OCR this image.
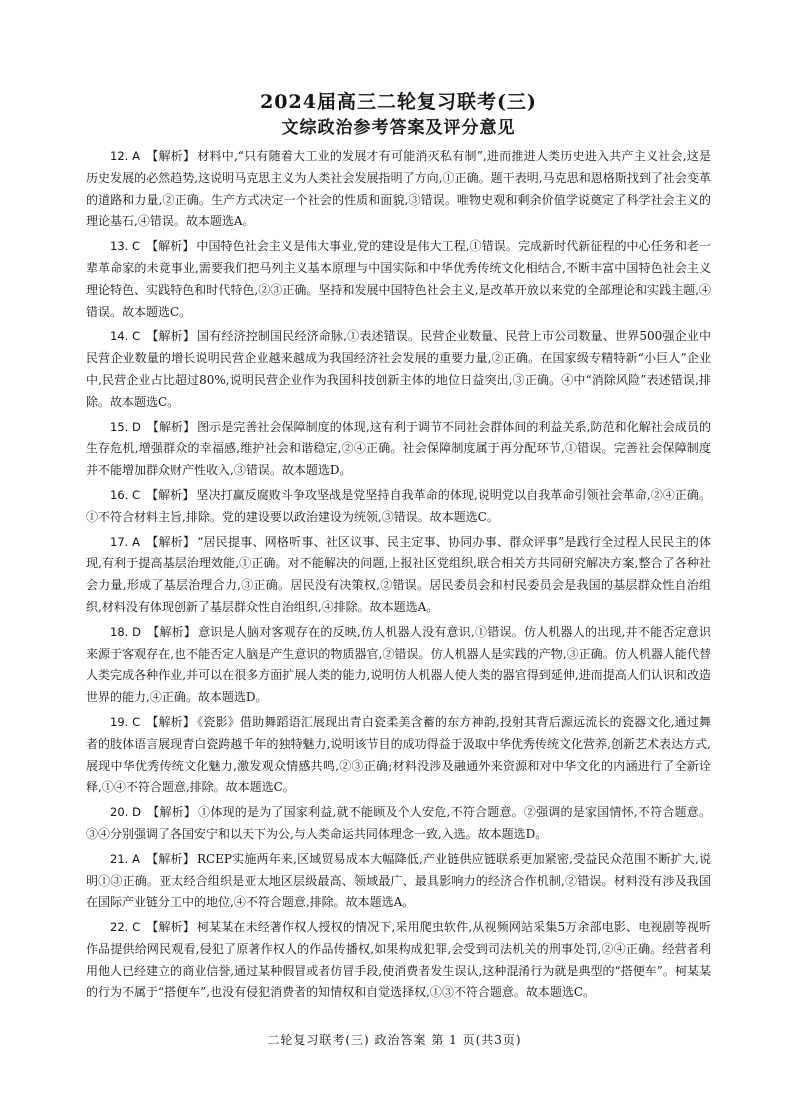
2024届高三二轮复习联考(三)
文综政治参考答案及评分意见

12. A 【解析】 材料中,“只有随着大工业的发展才有可能消灭私有制”,进而推进人类历史进入共产主义社会,这是历史发展的必然趋势,这说明马克思主义为人类社会发展指明了方向,①正确。题干表明,马克思和恩格斯找到了社会变革的道路和力量,②正确。生产方式决定一个社会的性质和面貌,③错误。唯物史观和剩余价值学说奠定了科学社会主义的理论基石,④错误。故本题选A。

13. C 【解析】 中国特色社会主义是伟大事业,党的建设是伟大工程,①错误。完成新时代新征程的中心任务和老一辈革命家的未竟事业,需要我们把马列主义基本原理与中国实际和中华优秀传统文化相结合,不断丰富中国特色社会主义理论特色、实践特色和时代特色,②③正确。坚持和发展中国特色社会主义,是改革开放以来党的全部理论和实践主题,④错误。故本题选C。

14. C 【解析】 国有经济控制国民经济命脉,①表述错误。民营企业数量、民营上市公司数量、世界500强企业中民营企业数量的增长说明民营企业越来越成为我国经济社会发展的重要力量,②正确。在国家级专精特新“小巨人”企业中,民营企业占比超过80%,说明民营企业作为我国科技创新主体的地位日益突出,③正确。④中“消除风险”表述错误,排除。故本题选C。

15. D 【解析】 图示是完善社会保障制度的体现,这有利于调节不同社会群体间的利益关系,防范和化解社会成员的生存危机,增强群众的幸福感,维护社会和谐稳定,②④正确。社会保障制度属于再分配环节,①错误。完善社会保障制度并不能增加群众财产性收入,③错误。故本题选D。

16. C 【解析】 坚决打赢反腐败斗争攻坚战是党坚持自我革命的体现,说明党以自我革命引领社会革命,②④正确。①不符合材料主旨,排除。党的建设要以政治建设为统领,③错误。故本题选C。

17. A 【解析】 “居民提事、网格听事、社区议事、民主定事、协同办事、群众评事”是践行全过程人民民主的体现,有利于提高基层治理效能,①正确。对不能解决的问题,上报社区党组织,联合相关方共同研究解决方案,整合了各种社会力量,形成了基层治理合力,③正确。居民没有决策权,②错误。居民委员会和村民委员会是我国的基层群众性自治组织,材料没有体现创新了基层群众性自治组织,④排除。故本题选A。

18. D 【解析】 意识是人脑对客观存在的反映,仿人机器人没有意识,①错误。仿人机器人的出现,并不能否定意识来源于客观存在,也不能否定人脑是产生意识的物质器官,②错误。仿人机器人是实践的产物,③正确。仿人机器人能代替人类完成各种作业,并可以在很多方面扩展人类的能力,说明仿人机器人使人类的器官得到延伸,进而提高人们认识和改造世界的能力,④正确。故本题选D。

19. C 【解析】 《瓷影》借助舞蹈语汇展现出青白瓷柔美含蓄的东方神韵,投射其背后源远流长的瓷器文化,通过舞者的肢体语言展现青白瓷跨越千年的独特魅力,说明该节目的成功得益于汲取中华优秀传统文化营养,创新艺术表达方式,展现中华优秀传统文化魅力,激发观众情感共鸣,②③正确;材料没涉及融通外来资源和对中华文化的内涵进行了全新诠释,①④不符合题意,排除。故本题选C。

20. D 【解析】 ①体现的是为了国家利益,就不能顾及个人安危,不符合题意。②强调的是家国情怀,不符合题意。③④分别强调了各国安宁和以天下为公,与人类命运共同体理念一致,入选。故本题选D。

21. A 【解析】 RCEP实施两年来,区域贸易成本大幅降低,产业链供应链联系更加紧密,受益民众范围不断扩大,说明①③正确。亚太经合组织是亚太地区层级最高、领域最广、最具影响力的经济合作机制,②错误。材料没有涉及我国在国际产业链分工中的地位,④不符合题意,排除。故本题选A。

22. C 【解析】 柯某某在未经著作权人授权的情况下,采用爬虫软件,从视频网站采集5万余部电影、电视剧等视听作品提供给网民观看,侵犯了原著作权人的作品传播权,如果构成犯罪,会受到司法机关的刑事处罚,②④正确。经营者利用他人已经建立的商业信誉,通过某种假冒或者仿冒手段,使消费者发生误认,这种混淆行为就是典型的“搭便车”。柯某某的行为不属于“搭便车”,也没有侵犯消费者的知情权和自觉选择权,①③不符合题意。故本题选C。

二轮复习联考(三) 政治答案 第 1 页(共3页)
